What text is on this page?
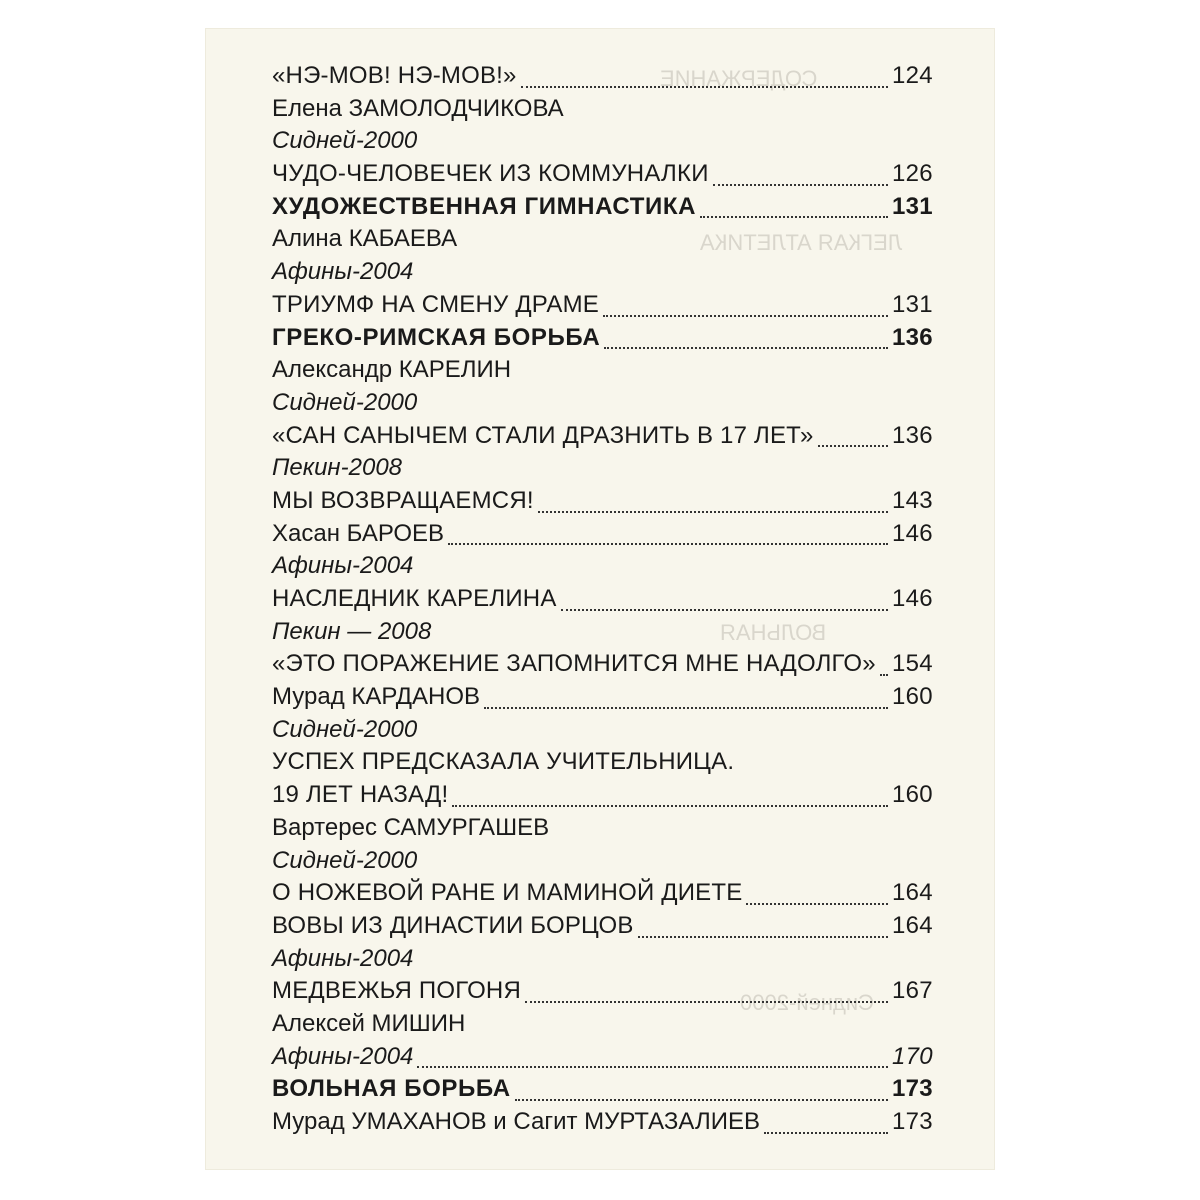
СОДЕРЖАНИЕ
ЛЕГКАЯ АТЛЕТИКА
ВОЛЬНАЯ
Сидней-2000
«НЭ-МОВ! НЭ-МОВ!»	124
Елена ЗАМОЛОДЧИКОВА
Сидней-2000
ЧУДО-ЧЕЛОВЕЧЕК ИЗ КОММУНАЛКИ	126
ХУДОЖЕСТВЕННАЯ ГИМНАСТИКА	131
Алина КАБАЕВА
Афины-2004
ТРИУМФ НА СМЕНУ ДРАМЕ	131
ГРЕКО-РИМСКАЯ БОРЬБА	136
Александр КАРЕЛИН
Сидней-2000
«САН САНЫЧЕМ СТАЛИ ДРАЗНИТЬ В 17 ЛЕТ»	136
Пекин-2008
МЫ ВОЗВРАЩАЕМСЯ!	143
Хасан БАРОЕВ	146
Афины-2004
НАСЛЕДНИК КАРЕЛИНА	146
Пекин — 2008
«ЭТО ПОРАЖЕНИЕ ЗАПОМНИТСЯ МНЕ НАДОЛГО» 154
Мурад КАРДАНОВ	160
Сидней-2000
УСПЕХ ПРЕДСКАЗАЛА УЧИТЕЛЬНИЦА.
19 ЛЕТ НАЗАД!	160
Вартерес САМУРГАШЕВ
Сидней-2000
О НОЖЕВОЙ РАНЕ И МАМИНОЙ ДИЕТЕ	164
ВОВЫ ИЗ ДИНАСТИИ БОРЦОВ	164
Афины-2004
МЕДВЕЖЬЯ ПОГОНЯ	167
Алексей МИШИН
Афины-2004	170
ВОЛЬНАЯ БОРЬБА	173
Мурад УМАХАНОВ и Сагит МУРТАЗАЛИЕВ	173
